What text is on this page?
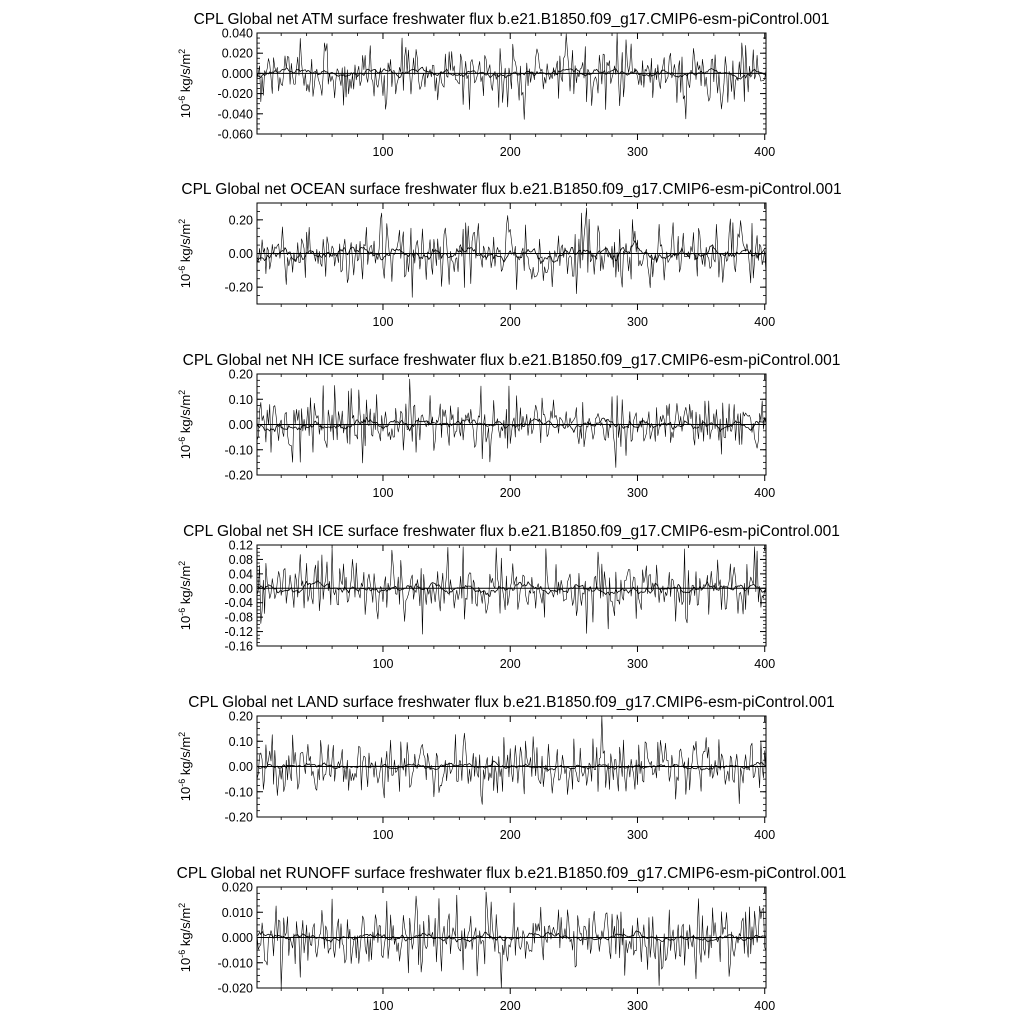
CPL Global net ATM surface freshwater flux b.e21.B1850.f09_g17.CMIP6-esm-piControl.001
$10^{-6}$ $kg/s/m^2$
0.040
0.020
0.000
-0.020
-0.040
-0.060
100	200	300	400
CPL Global net OCEAN surface freshwater flux b.e21.B1850.f09_g17.CMIP6-esm-piControl.001
$10^{-6}$ $kg/s/m^2$	0.20
0.00
-0.20
100	200	300	400
CPL Global net NH ICE surface freshwater flux b.e21.B1850.f09_g17.CMIP6-esm-piControl.001
$10^{-6}$ $kg/s/m^2$
0.20
0.10
0.00
-0.10
-0.20
100	200	300	400
CPL Global net SH ICE surface freshwater flux b.e21.B1850.f09_g17.CMIP6-esm-piControl.001
$10^{-6}$ $kg/s/m^2$
0.12
0.08
0.04
0.00
-0.04
-0.08
-0.12
-0.16
100	200	300	400
CPL Global net LAND surface freshwater flux b.e21.B1850.f09_g17.CMIP6-esm-piControl.001
$10^{-6}$ $kg/s/m^2$
0.20
0.10
0.00
-0.10
-0.20
100	200	300	400
CPL Global net RUNOFF surface freshwater flux b.e21.B1850.f09_g17.CMIP6-esm-piControl.001
$10^{-6}$ $kg/s/m^2$
0.020
0.010
0.000
-0.010
-0.020
100	200	300	400
